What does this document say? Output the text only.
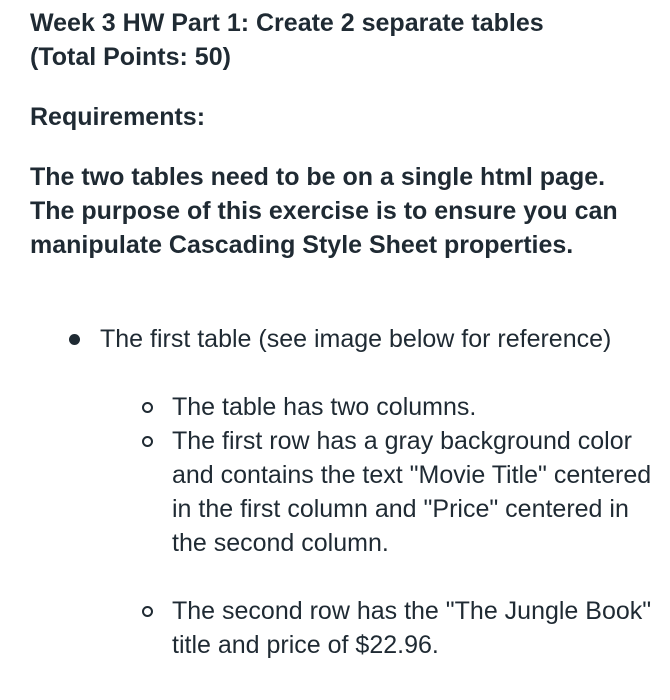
Week 3 HW Part 1: Create 2 separate tables
(Total Points: 50)
Requirements:

The two tables need to be on a single html page. The purpose of this exercise is to ensure you can manipulate Cascading Style Sheet properties.

The first table (see image below for reference)

The table has two columns.

The first row has a gray background color and contains the text "Movie Title" centered in the first column and "Price" centered in the second column.

The second row has the "The Jungle Book" title and price of $22.96.
